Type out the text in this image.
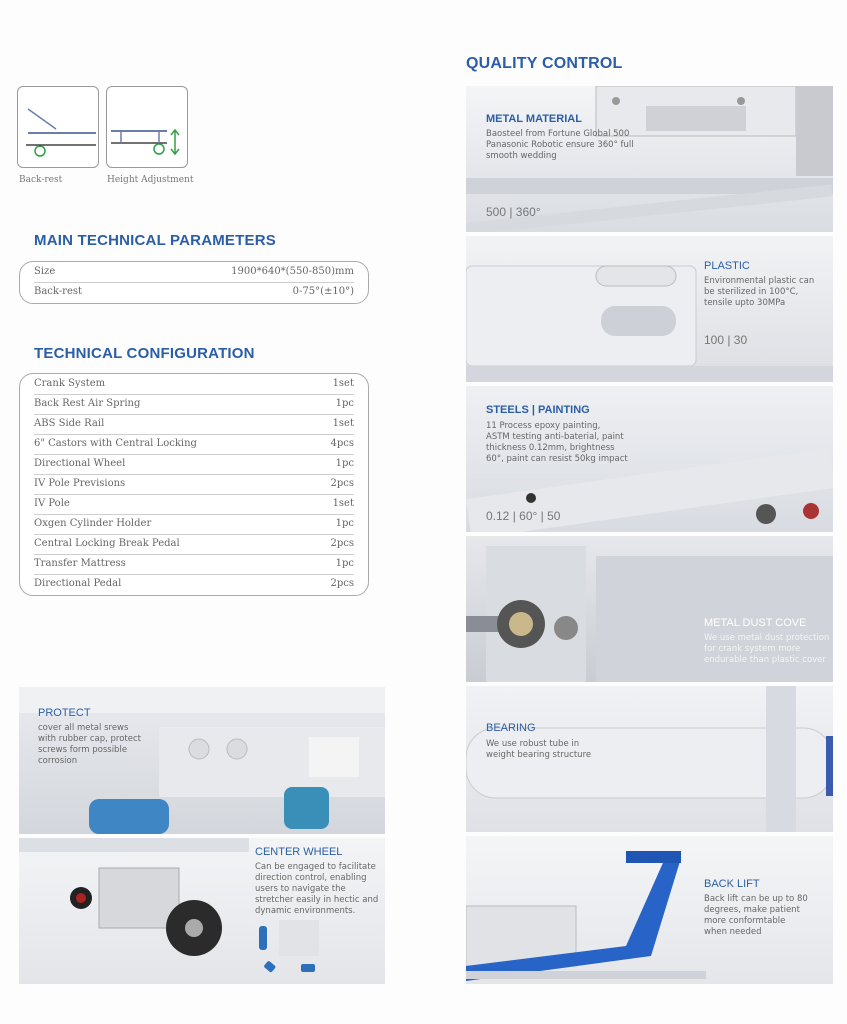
Back-rest	Height Adjustment
MAIN TECHNICAL PARAMETERS
Size	1900*640*(550-850)mm
Back-rest	0-75°(±10°)
TECHNICAL CONFIGURATION
Crank System	1set
Back Rest Air Spring	1pc
ABS Side Rail	1set
6" Castors with Central Locking	4pcs
Directional Wheel	1pc
IV Pole Previsions	2pcs
IV Pole	1set
Oxgen Cylinder Holder	1pc
Central Locking Break Pedal	2pcs
Transfer Mattress	1pc
Directional Pedal	2pcs
QUALITY CONTROL
METAL MATERIAL
Baosteel from Fortune Global 500
Panasonic Robotic ensure 360° full
smooth wedding
500 | 360°
PLASTIC
Environmental plastic can
be sterilized in 100°C,
tensile upto 30MPa
100 | 30
STEELS | PAINTING
11 Process epoxy painting,
ASTM testing anti-baterial, paint
thickness 0.12mm, brightness
60°, paint can resist 50kg impact
0.12 | 60° | 50
METAL DUST COVE
We use metal dust protection
for crank system more
endurable than plastic cover
BEARING
We use robust tube in
weight bearing structure
BACK LIFT
Back lift can be up to 80
degrees, make patient
more conformtable
when needed
PROTECT
cover all metal srews
with rubber cap, protect
screws form possible
corrosion
CENTER WHEEL
Can be engaged to facilitate
direction control, enabling
users to navigate the
stretcher easily in hectic and
dynamic environments.
